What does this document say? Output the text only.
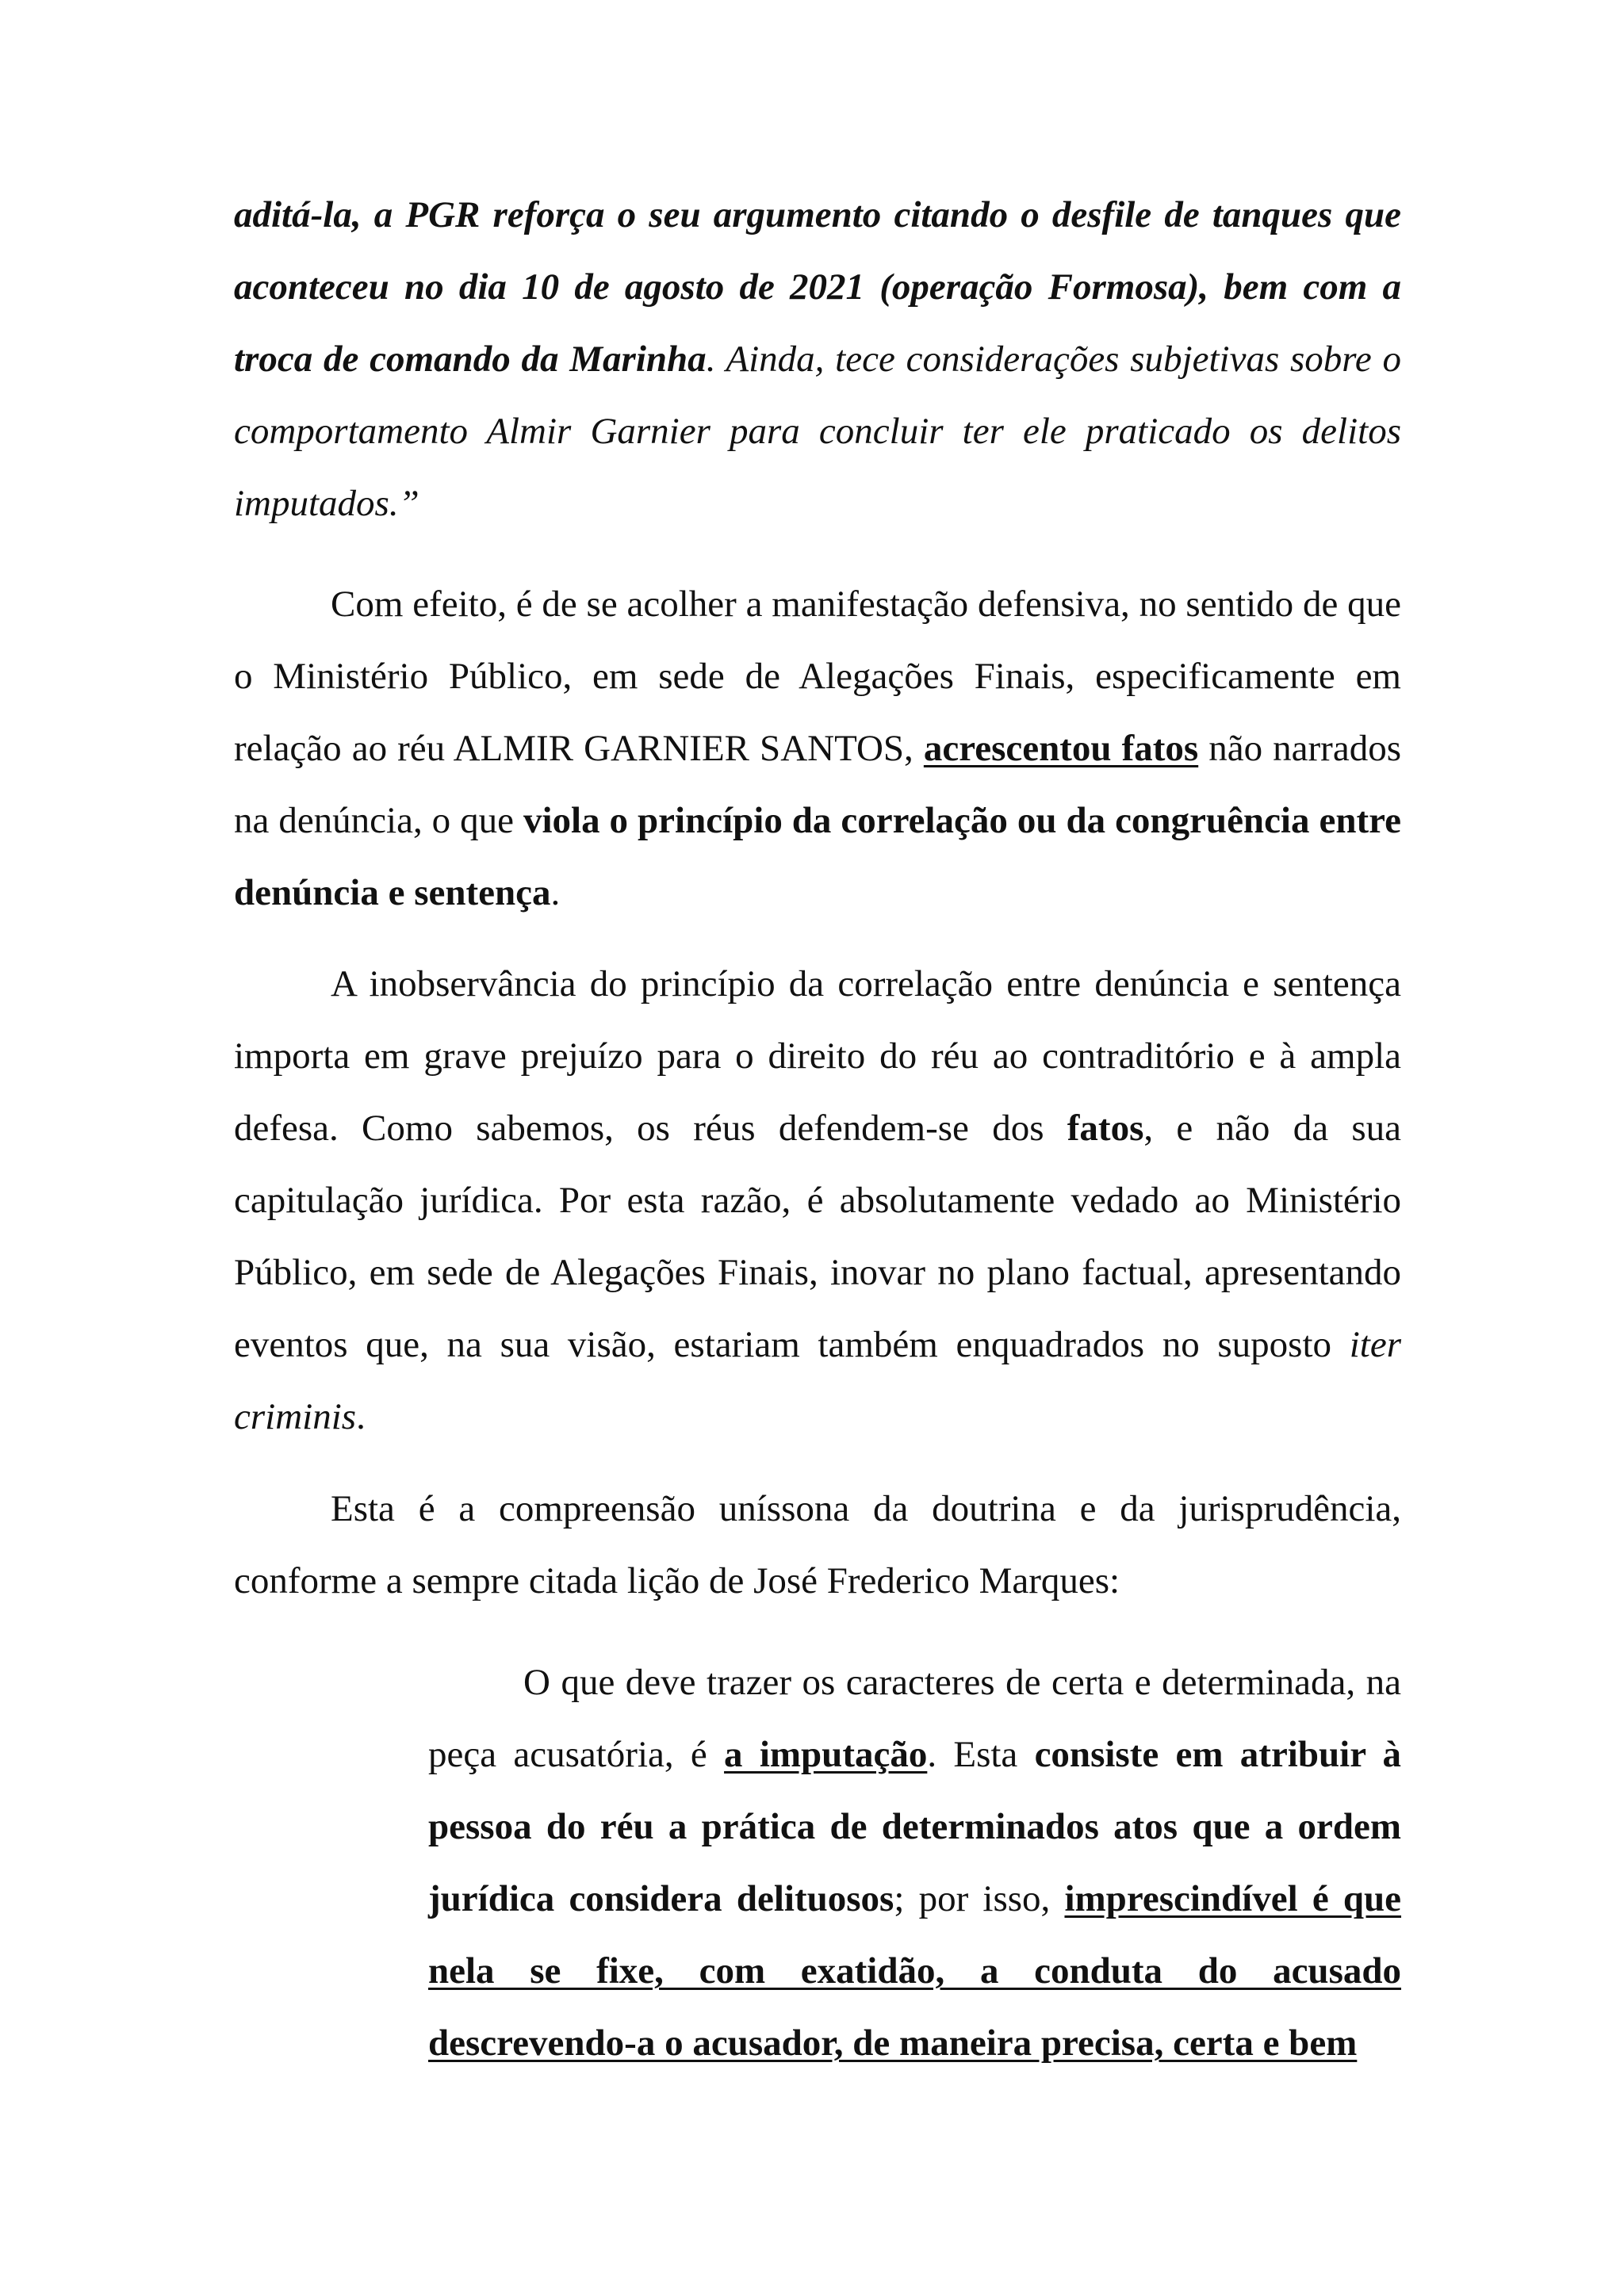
aditá-la, a PGR reforça o seu argumento citando o desfile de tanques que aconteceu no dia 10 de agosto de 2021 (operação Formosa), bem com a troca de comando da Marinha. Ainda, tece considerações subjetivas sobre o comportamento Almir Garnier para concluir ter ele praticado os delitos imputados.”

Com efeito, é de se acolher a manifestação defensiva, no sentido de que o Ministério Público, em sede de Alegações Finais, especificamente em relação ao réu ALMIR GARNIER SANTOS, acrescentou fatos não narrados na denúncia, o que viola o princípio da correlação ou da congruência entre denúncia e sentença.

A inobservância do princípio da correlação entre denúncia e sentença importa em grave prejuízo para o direito do réu ao contraditório e à ampla defesa. Como sabemos, os réus defendem-se dos fatos, e não da sua capitulação jurídica. Por esta razão, é absolutamente vedado ao Ministério Público, em sede de Alegações Finais, inovar no plano factual, apresentando eventos que, na sua visão, estariam também enquadrados no suposto iter criminis.

Esta é a compreensão uníssona da doutrina e da jurisprudência, conforme a sempre citada lição de José Frederico Marques:

O que deve trazer os caracteres de certa e determinada, na peça acusatória, é a imputação. Esta consiste em atribuir à pessoa do réu a prática de determinados atos que a ordem jurídica considera delituosos; por isso, imprescindível é que nela se fixe, com exatidão, a conduta do acusado descrevendo-a o acusador, de maneira precisa, certa e bem
